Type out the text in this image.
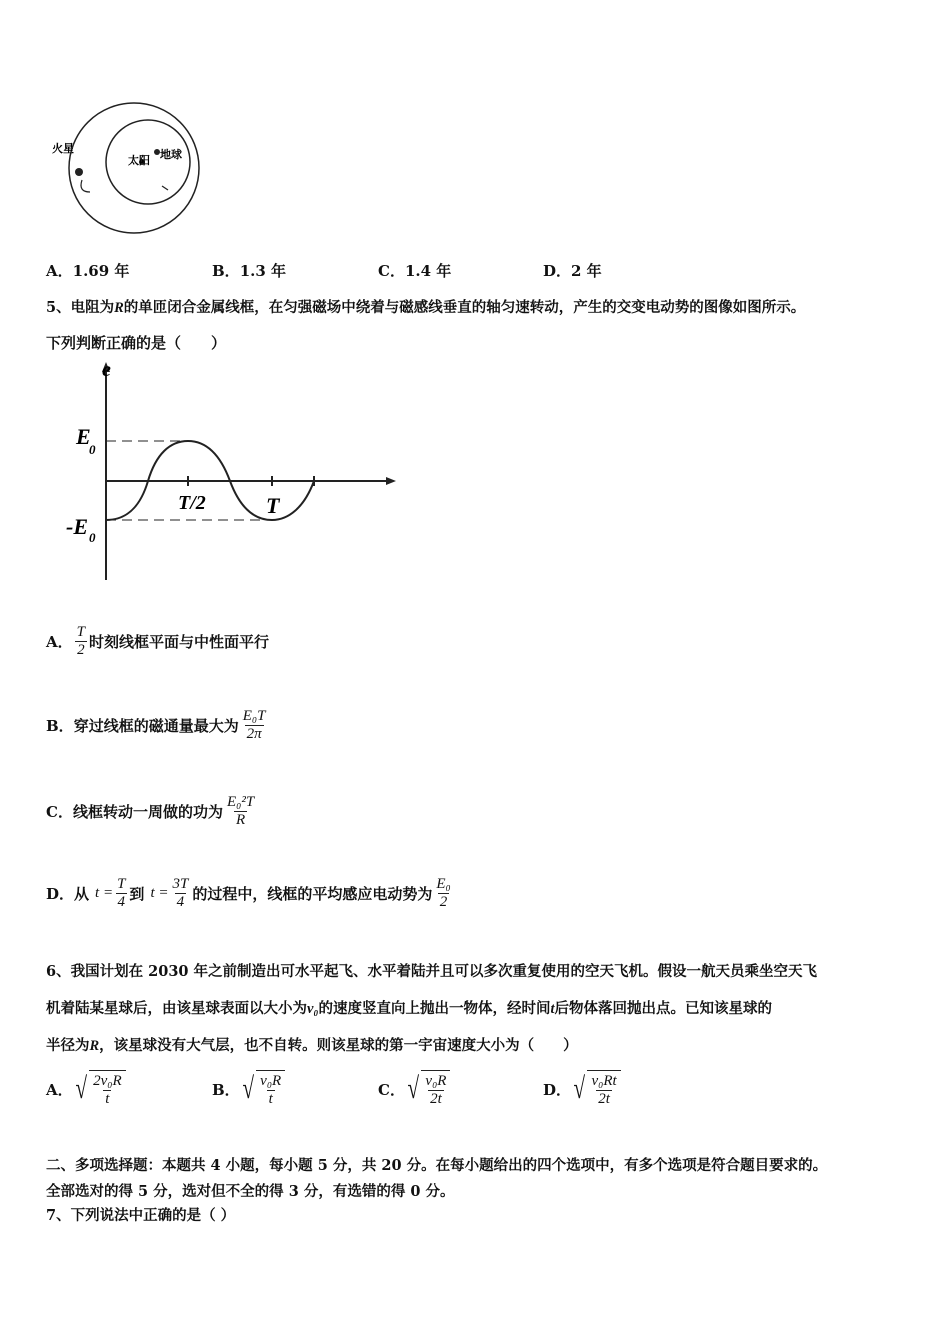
火星
太阳 地球
A．1.69 年	B．1.3 年	C．1.4 年	D．2 年
5、电阻为R的单匝闭合金属线框，在匀强磁场中绕着与磁感线垂直的轴匀速转动，产生的交变电动势的图像如图所示。
下列判断正确的是（　　）
e
E
0
-E 0
T/2	T
A． $\frac{T}{2}$ 时刻线框平面与中性面平行
B． 穿过线框的磁通量最大为 $\frac{\text{E₀T}}{2\pi}$
C． 线框转动一周做的功为 $\frac{\text{E₀²T}}{R}$
D． 从 $t = \frac{T}{4}$ 到 $t = \frac{3T}{4}$ 的过程中，线框的平均感应电动势为 $\frac{\text{E₀}}{2}$
6、我国计划在 2030 年之前制造出可水平起飞、水平着陆并且可以多次重复使用的空天飞机。假设一航天员乘坐空天飞
机着陆某星球后，由该星球表面以大小为v₀的速度竖直向上抛出一物体，经时间t后物体落回抛出点。已知该星球的
半径为R，该星球没有大气层，也不自转。则该星球的第一宇宙速度大小为（　　）
A． √ $\frac{\text{2v₀R}}{t}$	B． √ $\frac{\text{v₀R}}{t}$	C． √ $\frac{\text{v₀R}}{2t}$	D． √ $\frac{\text{v₀Rt}}{2t}$
二、多项选择题：本题共 4 小题，每小题 5 分，共 20 分。在每小题给出的四个选项中，有多个选项是符合题目要求的。
全部选对的得 5 分，选对但不全的得 3 分，有选错的得 0 分。
7、下列说法中正确的是（ ）
